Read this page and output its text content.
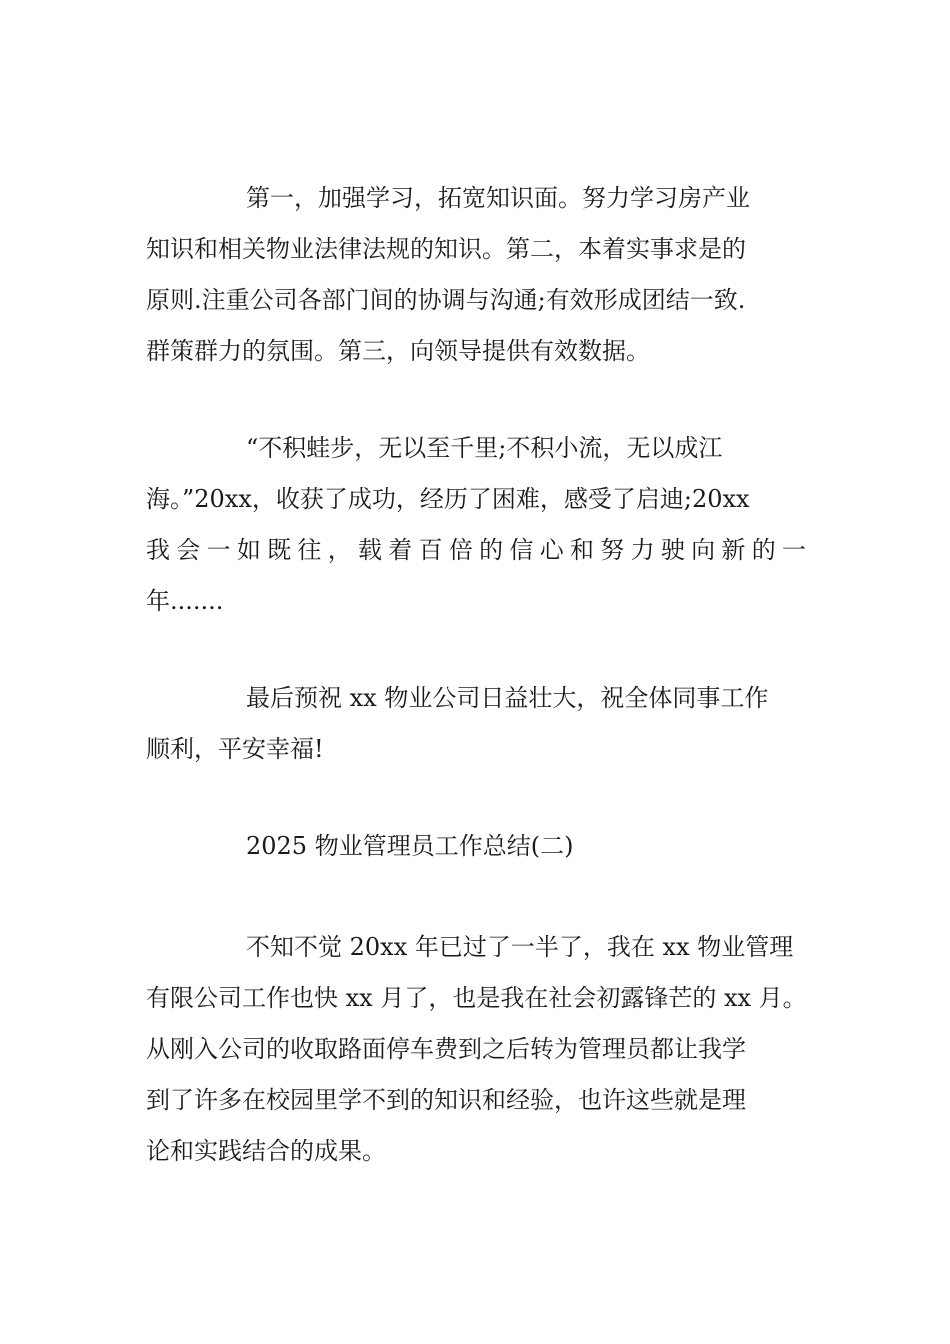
第一，加强学习，拓宽知识面。努力学习房产业
知识和相关物业法律法规的知识。第二，本着实事求是的
原则.注重公司各部门间的协调与沟通;有效形成团结一致.
群策群力的氛围。第三，向领导提供有效数据。
“不积蛙步，无以至千里;不积小流，无以成江
海。”20xx，收获了成功，经历了困难，感受了启迪;20xx
我会一如既往，载着百倍的信心和努力驶向新的一
年.......
最后预祝 xx 物业公司日益壮大，祝全体同事工作
顺利，平安幸福!
2025 物业管理员工作总结(二)
不知不觉 20xx 年已过了一半了，我在 xx 物业管理
有限公司工作也快 xx 月了，也是我在社会初露锋芒的 xx 月。
从刚入公司的收取路面停车费到之后转为管理员都让我学
到了许多在校园里学不到的知识和经验，也许这些就是理
论和实践结合的成果。
